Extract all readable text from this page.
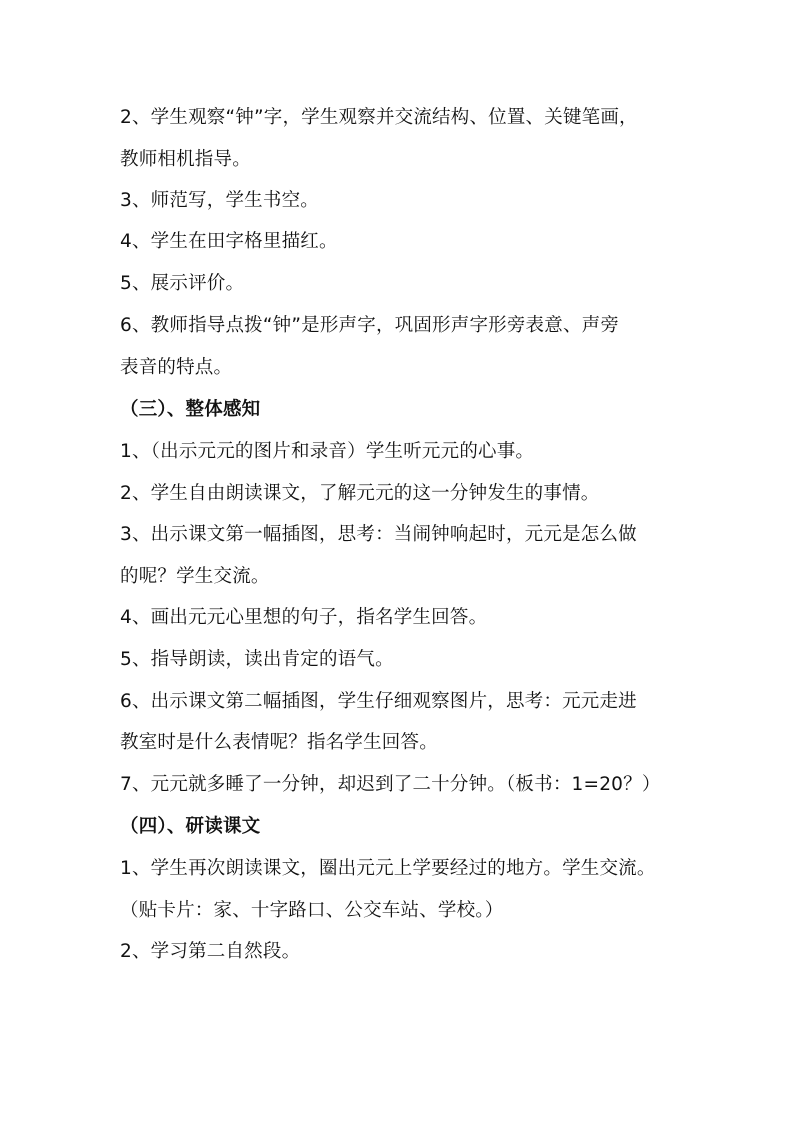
2、学生观察“钟”字，学生观察并交流结构、位置、关键笔画，
教师相机指导。
3、师范写，学生书空。
4、学生在田字格里描红。
5、展示评价。
6、教师指导点拨“钟”是形声字，巩固形声字形旁表意、声旁
表音的特点。
（三）、整体感知
1、（出示元元的图片和录音）学生听元元的心事。
2、学生自由朗读课文，了解元元的这一分钟发生的事情。
3、出示课文第一幅插图，思考：当闹钟响起时，元元是怎么做
的呢？学生交流。
4、画出元元心里想的句子，指名学生回答。
5、指导朗读，读出肯定的语气。
6、出示课文第二幅插图，学生仔细观察图片，思考：元元走进
教室时是什么表情呢？指名学生回答。
7、元元就多睡了一分钟，却迟到了二十分钟。（板书：1=20？）
（四）、研读课文
1、学生再次朗读课文，圈出元元上学要经过的地方。学生交流。
（贴卡片：家、十字路口、公交车站、学校。）
2、学习第二自然段。
